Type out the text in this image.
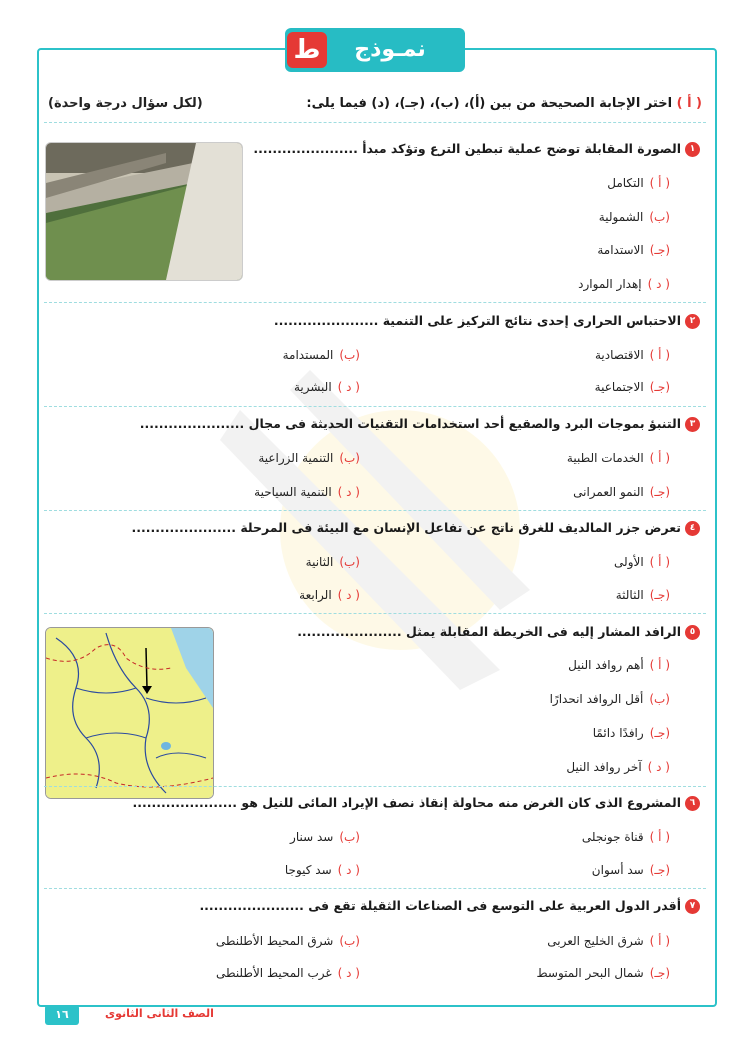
ط	نمـوذج
( أ ) اختر الإجابة الصحيحة من بين (أ)، (ب)، (جـ)، (د) فيما يلى:
(لكل سؤال درجة واحدة)
١الصورة المقابلة توضح عملية تبطين الترع وتؤكد مبدأ ......................
( أ )التكامل
(ب)الشمولية
(جـ)الاستدامة
( د )إهدار الموارد
٢الاحتباس الحرارى إحدى نتائج التركيز على التنمية ......................
( أ )الاقتصادية
(ب)المستدامة
(جـ)الاجتماعية
( د )البشرية
٣التنبؤ بموجات البرد والصقيع أحد استخدامات التقنيات الحديثة فى مجال ......................
( أ )الخدمات الطبية
(ب)التنمية الزراعية
(جـ)النمو العمرانى
( د )التنمية السياحية
٤تعرض جزر المالديف للغرق ناتج عن تفاعل الإنسان مع البيئة فى المرحلة ......................
( أ )الأولى
(ب)الثانية
(جـ)الثالثة
( د )الرابعة
٥الرافد المشار إليه فى الخريطة المقابلة يمثل ......................
( أ )أهم روافد النيل
(ب)أقل الروافد انحدارًا
(جـ)رافدًا دائمًا
( د )آخر روافد النيل
٦المشروع الذى كان الغرض منه محاولة إنقاذ نصف الإيراد المائى للنيل هو ......................
( أ )قناة جونجلى
(ب)سد سنار
(جـ)سد أسوان
( د )سد كيوجا
٧أقدر الدول العربية على التوسع فى الصناعات الثقيلة تقع فى ......................
( أ )شرق الخليج العربى
(ب)شرق المحيط الأطلنطى
(جـ)شمال البحر المتوسط
( د )غرب المحيط الأطلنطى
١٦	الصف الثانى الثانوى
